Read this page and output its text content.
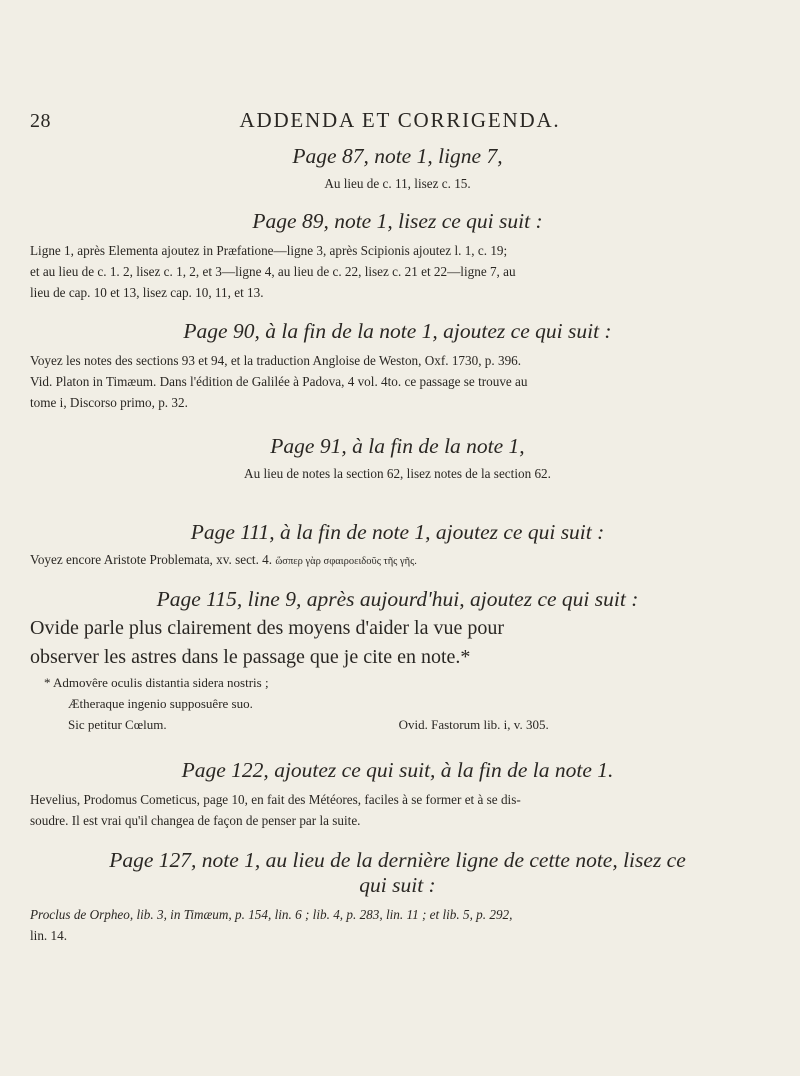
28	ADDENDA ET CORRIGENDA.

Page 87, note 1, ligne 7,

Au lieu de c. 11, lisez c. 15.

Page 89, note 1, lisez ce qui suit :

Ligne 1, après Elementa ajoutez in Præfatione—ligne 3, après Scipionis ajoutez l. 1, c. 19;

et au lieu de c. 1. 2, lisez c. 1, 2, et 3—ligne 4, au lieu de c. 22, lisez c. 21 et 22—ligne 7, au

lieu de cap. 10 et 13, lisez cap. 10, 11, et 13.

Page 90, à la fin de la note 1, ajoutez ce qui suit :

Voyez les notes des sections 93 et 94, et la traduction Angloise de Weston, Oxf. 1730, p. 396.

Vid. Platon in Timæum. Dans l'édition de Galilée à Padova, 4 vol. 4to. ce passage se trouve au

tome i, Discorso primo, p. 32.

Page 91, à la fin de la note 1,

Au lieu de notes la section 62, lisez notes de la section 62.

Page 111, à la fin de note 1, ajoutez ce qui suit :

Voyez encore Aristote Problemata, xv. sect. 4. ὥσπερ γὰρ σφαιροειδοῦς τῆς γῆς.

Page 115, line 9, après aujourd'hui, ajoutez ce qui suit :

Ovide parle plus clairement des moyens d'aider la vue pour

observer les astres dans le passage que je cite en note.*

* Admovêre oculis distantia sidera nostris ;

Ætheraque ingenio supposuêre suo.

Sic petitur Cœlum.	Ovid. Fastorum lib. i, v. 305.

Page 122, ajoutez ce qui suit, à la fin de la note 1.

Hevelius, Prodomus Cometicus, page 10, en fait des Météores, faciles à se former et à se dis-

soudre. Il est vrai qu'il changea de façon de penser par la suite.

Page 127, note 1, au lieu de la dernière ligne de cette note, lisez ce

qui suit :

Proclus de Orpheo, lib. 3, in Timæum, p. 154, lin. 6 ; lib. 4, p. 283, lin. 11 ; et lib. 5, p. 292,

lin. 14.
